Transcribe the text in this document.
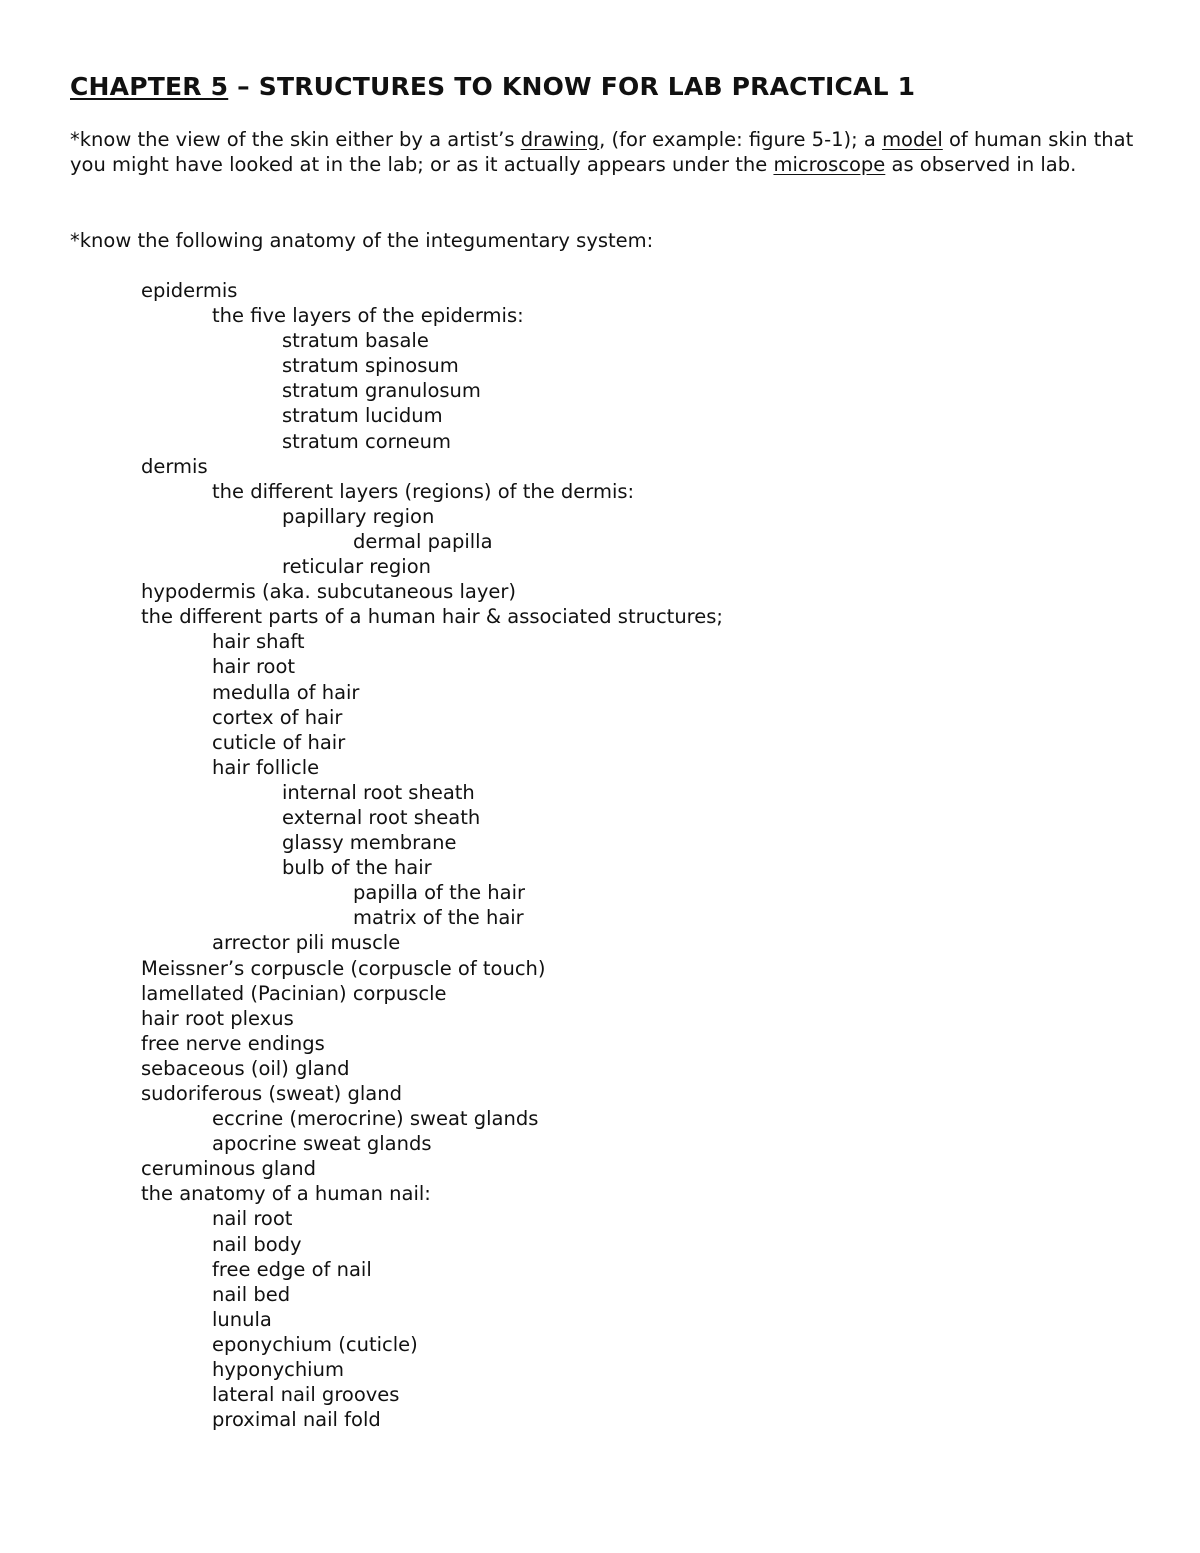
CHAPTER 5 – STRUCTURES TO KNOW FOR LAB PRACTICAL 1
*know the view of the skin either by a artist’s drawing, (for example: figure 5-1); a model of human skin that you might have looked at in the lab; or as it actually appears under the microscope as observed in lab.
*know the following anatomy of the integumentary system:
epidermis
the five layers of the epidermis:
stratum basale
stratum spinosum
stratum granulosum
stratum lucidum
stratum corneum
dermis
the different layers (regions) of the dermis:
papillary region
dermal papilla
reticular region
hypodermis (aka. subcutaneous layer)
the different parts of a human hair & associated structures;
hair shaft
hair root
medulla of hair
cortex of hair
cuticle of hair
hair follicle
internal root sheath
external root sheath
glassy membrane
bulb of the hair
papilla of the hair
matrix of the hair
arrector pili muscle
Meissner’s corpuscle (corpuscle of touch)
lamellated (Pacinian) corpuscle
hair root plexus
free nerve endings
sebaceous (oil) gland
sudoriferous (sweat) gland
eccrine (merocrine) sweat glands
apocrine sweat glands
ceruminous gland
the anatomy of a human nail:
nail root
nail body
free edge of nail
nail bed
lunula
eponychium (cuticle)
hyponychium
lateral nail grooves
proximal nail fold
